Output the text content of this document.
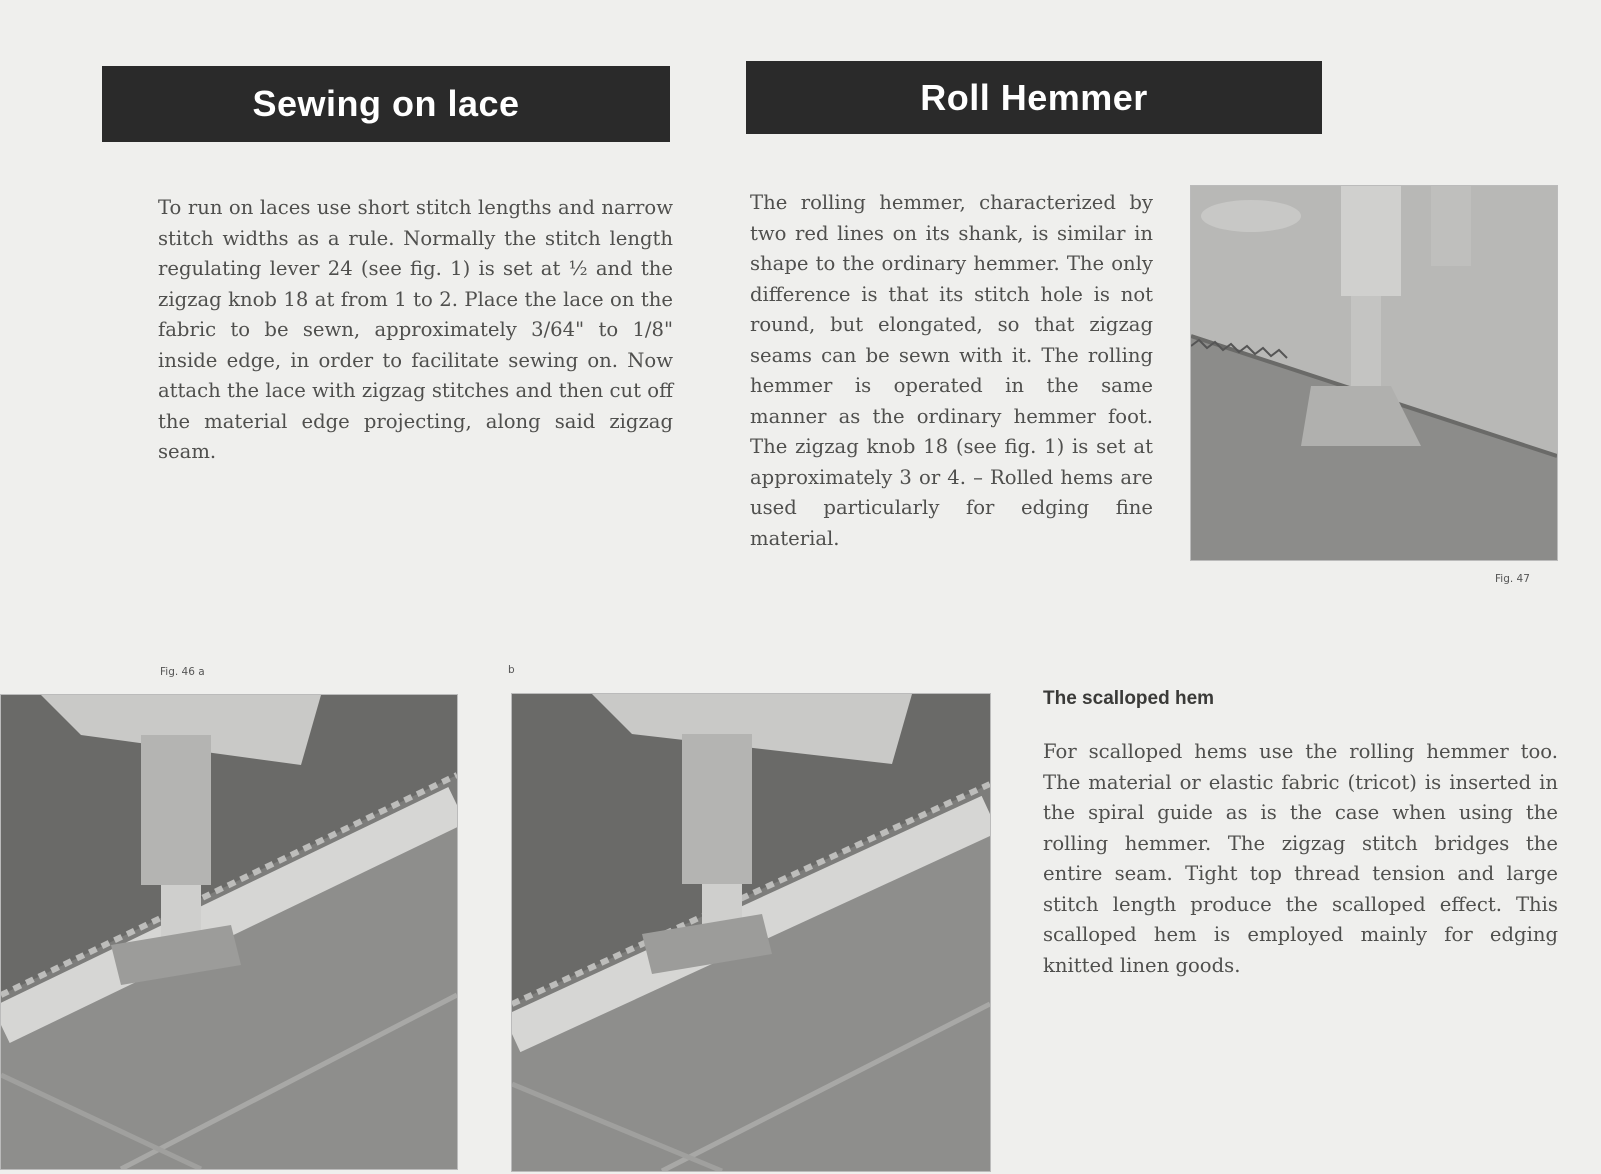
Sewing on lace	Roll Hemmer

To run on laces use short stitch lengths and narrow stitch widths as a rule. Normally the stitch length regulating lever 24 (see fig. 1) is set at ½ and the zigzag knob 18 at from 1 to 2. Place the lace on the fabric to be sewn, approximately 3/64" to 1/8" inside edge, in order to facilitate sewing on. Now attach the lace with zigzag stitches and then cut off the material edge projecting, along said zigzag seam.

The rolling hemmer, characterized by two red lines on its shank, is similar in shape to the ordinary hemmer. The only difference is that its stitch hole is not round, but elongated, so that zigzag seams can be sewn with it. The rolling hemmer is operated in the same manner as the ordinary hemmer foot. The zigzag knob 18 (see fig. 1) is set at approximately 3 or 4. – Rolled hems are used particularly for edging fine material.

Fig. 47
Fig. 46 a	b
The scalloped hem

For scalloped hems use the rolling hemmer too. The material or elastic fabric (tricot) is inserted in the spiral guide as is the case when using the rolling hemmer. The zigzag stitch bridges the entire seam. Tight top thread tension and large stitch length produce the scalloped effect. This scalloped hem is employed mainly for edging knitted linen goods.
